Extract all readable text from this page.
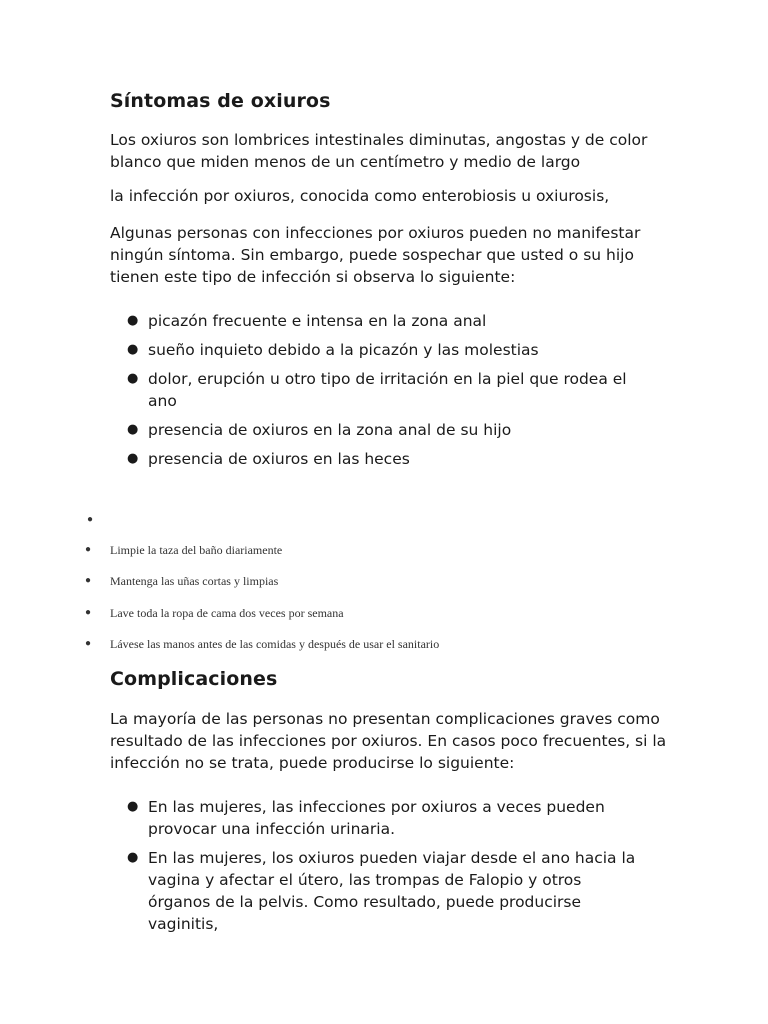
Síntomas de oxiuros

Los oxiuros son lombrices intestinales diminutas, angostas y de color blanco que miden menos de un centímetro y medio de largo

la infección por oxiuros, conocida como enterobiosis u oxiurosis,

Algunas personas con infecciones por oxiuros pueden no manifestar ningún síntoma. Sin embargo, puede sospechar que usted o su hijo tienen este tipo de infección si observa lo siguiente:

● picazón frecuente e intensa en la zona anal
● sueño inquieto debido a la picazón y las molestias
● dolor, erupción u otro tipo de irritación en la piel que rodea el ano
● presencia de oxiuros en la zona anal de su hijo
● presencia de oxiuros en las heces
●
● Limpie la taza del baño diariamente
● Mantenga las uñas cortas y limpias
● Lave toda la ropa de cama dos veces por semana
● Lávese las manos antes de las comidas y después de usar el sanitario
Complicaciones

La mayoría de las personas no presentan complicaciones graves como resultado de las infecciones por oxiuros. En casos poco frecuentes, si la infección no se trata, puede producirse lo siguiente:

● En las mujeres, las infecciones por oxiuros a veces pueden provocar una infección urinaria.
● En las mujeres, los oxiuros pueden viajar desde el ano hacia la vagina y afectar el útero, las trompas de Falopio y otros órganos de la pelvis. Como resultado, puede producirse vaginitis,
